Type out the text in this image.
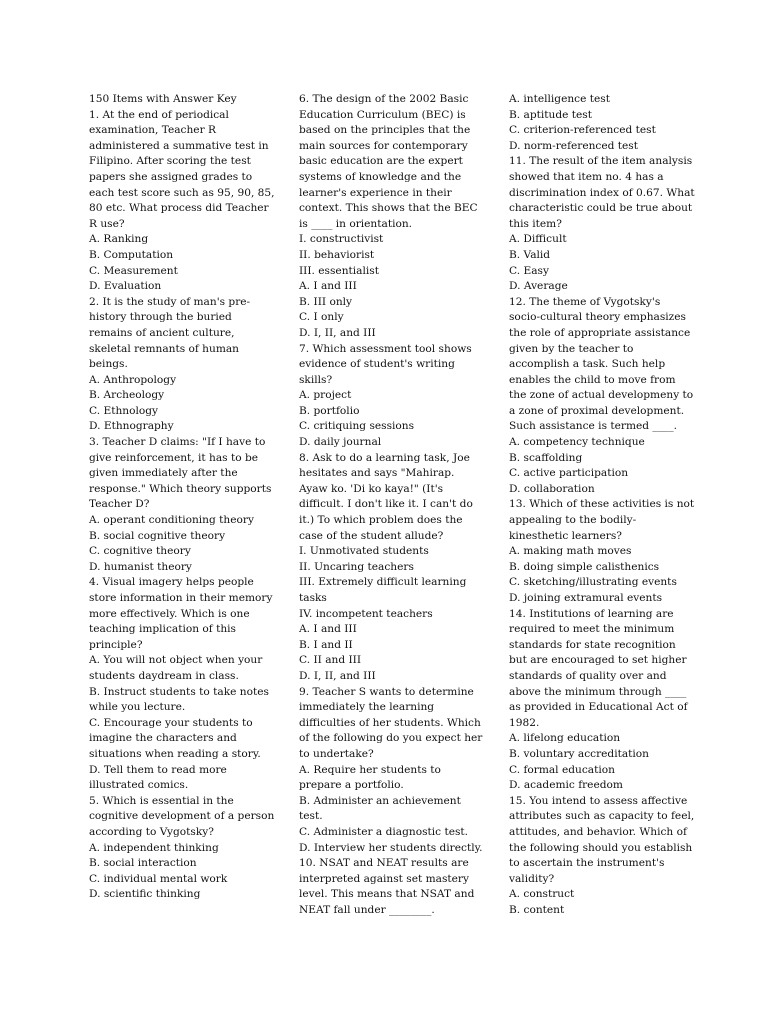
150 Items with Answer Key
1. At the end of periodical
examination, Teacher R
administered a summative test in
Filipino. After scoring the test
papers she assigned grades to
each test score such as 95, 90, 85,
80 etc. What process did Teacher
R use?
A. Ranking
B. Computation
C. Measurement
D. Evaluation
2. It is the study of man's pre-
history through the buried
remains of ancient culture,
skeletal remnants of human
beings.
A. Anthropology
B. Archeology
C. Ethnology
D. Ethnography
3. Teacher D claims: "If I have to
give reinforcement, it has to be
given immediately after the
response." Which theory supports
Teacher D?
A. operant conditioning theory
B. social cognitive theory
C. cognitive theory
D. humanist theory
4. Visual imagery helps people
store information in their memory
more effectively. Which is one
teaching implication of this
principle?
A. You will not object when your
students daydream in class.
B. Instruct students to take notes
while you lecture.
C. Encourage your students to
imagine the characters and
situations when reading a story.
D. Tell them to read more
illustrated comics.
5. Which is essential in the
cognitive development of a person
according to Vygotsky?
A. independent thinking
B. social interaction
C. individual mental work
D. scientific thinking
6. The design of the 2002 Basic
Education Curriculum (BEC) is
based on the principles that the
main sources for contemporary
basic education are the expert
systems of knowledge and the
learner's experience in their
context. This shows that the BEC
is ____ in orientation.
I. constructivist
II. behaviorist
III. essentialist
A. I and III
B. III only
C. I only
D. I, II, and III
7. Which assessment tool shows
evidence of student's writing
skills?
A. project
B. portfolio
C. critiquing sessions
D. daily journal
8. Ask to do a learning task, Joe
hesitates and says "Mahirap.
Ayaw ko. 'Di ko kaya!" (It's
difficult. I don't like it. I can't do
it.) To which problem does the
case of the student allude?
I. Unmotivated students
II. Uncaring teachers
III. Extremely difficult learning
tasks
IV. incompetent teachers
A. I and III
B. I and II
C. II and III
D. I, II, and III
9. Teacher S wants to determine
immediately the learning
difficulties of her students. Which
of the following do you expect her
to undertake?
A. Require her students to
prepare a portfolio.
B. Administer an achievement
test.
C. Administer a diagnostic test.
D. Interview her students directly.
10. NSAT and NEAT results are
interpreted against set mastery
level. This means that NSAT and
NEAT fall under ________.
A. intelligence test
B. aptitude test
C. criterion-referenced test
D. norm-referenced test
11. The result of the item analysis
showed that item no. 4 has a
discrimination index of 0.67. What
characteristic could be true about
this item?
A. Difficult
B. Valid
C. Easy
D. Average
12. The theme of Vygotsky's
socio-cultural theory emphasizes
the role of appropriate assistance
given by the teacher to
accomplish a task. Such help
enables the child to move from
the zone of actual developmeny to
a zone of proximal development.
Such assistance is termed ____.
A. competency technique
B. scaffolding
C. active participation
D. collaboration
13. Which of these activities is not
appealing to the bodily-
kinesthetic learners?
A. making math moves
B. doing simple calisthenics
C. sketching/illustrating events
D. joining extramural events
14. Institutions of learning are
required to meet the minimum
standards for state recognition
but are encouraged to set higher
standards of quality over and
above the minimum through ____
as provided in Educational Act of
1982.
A. lifelong education
B. voluntary accreditation
C. formal education
D. academic freedom
15. You intend to assess affective
attributes such as capacity to feel,
attitudes, and behavior. Which of
the following should you establish
to ascertain the instrument's
validity?
A. construct
B. content
